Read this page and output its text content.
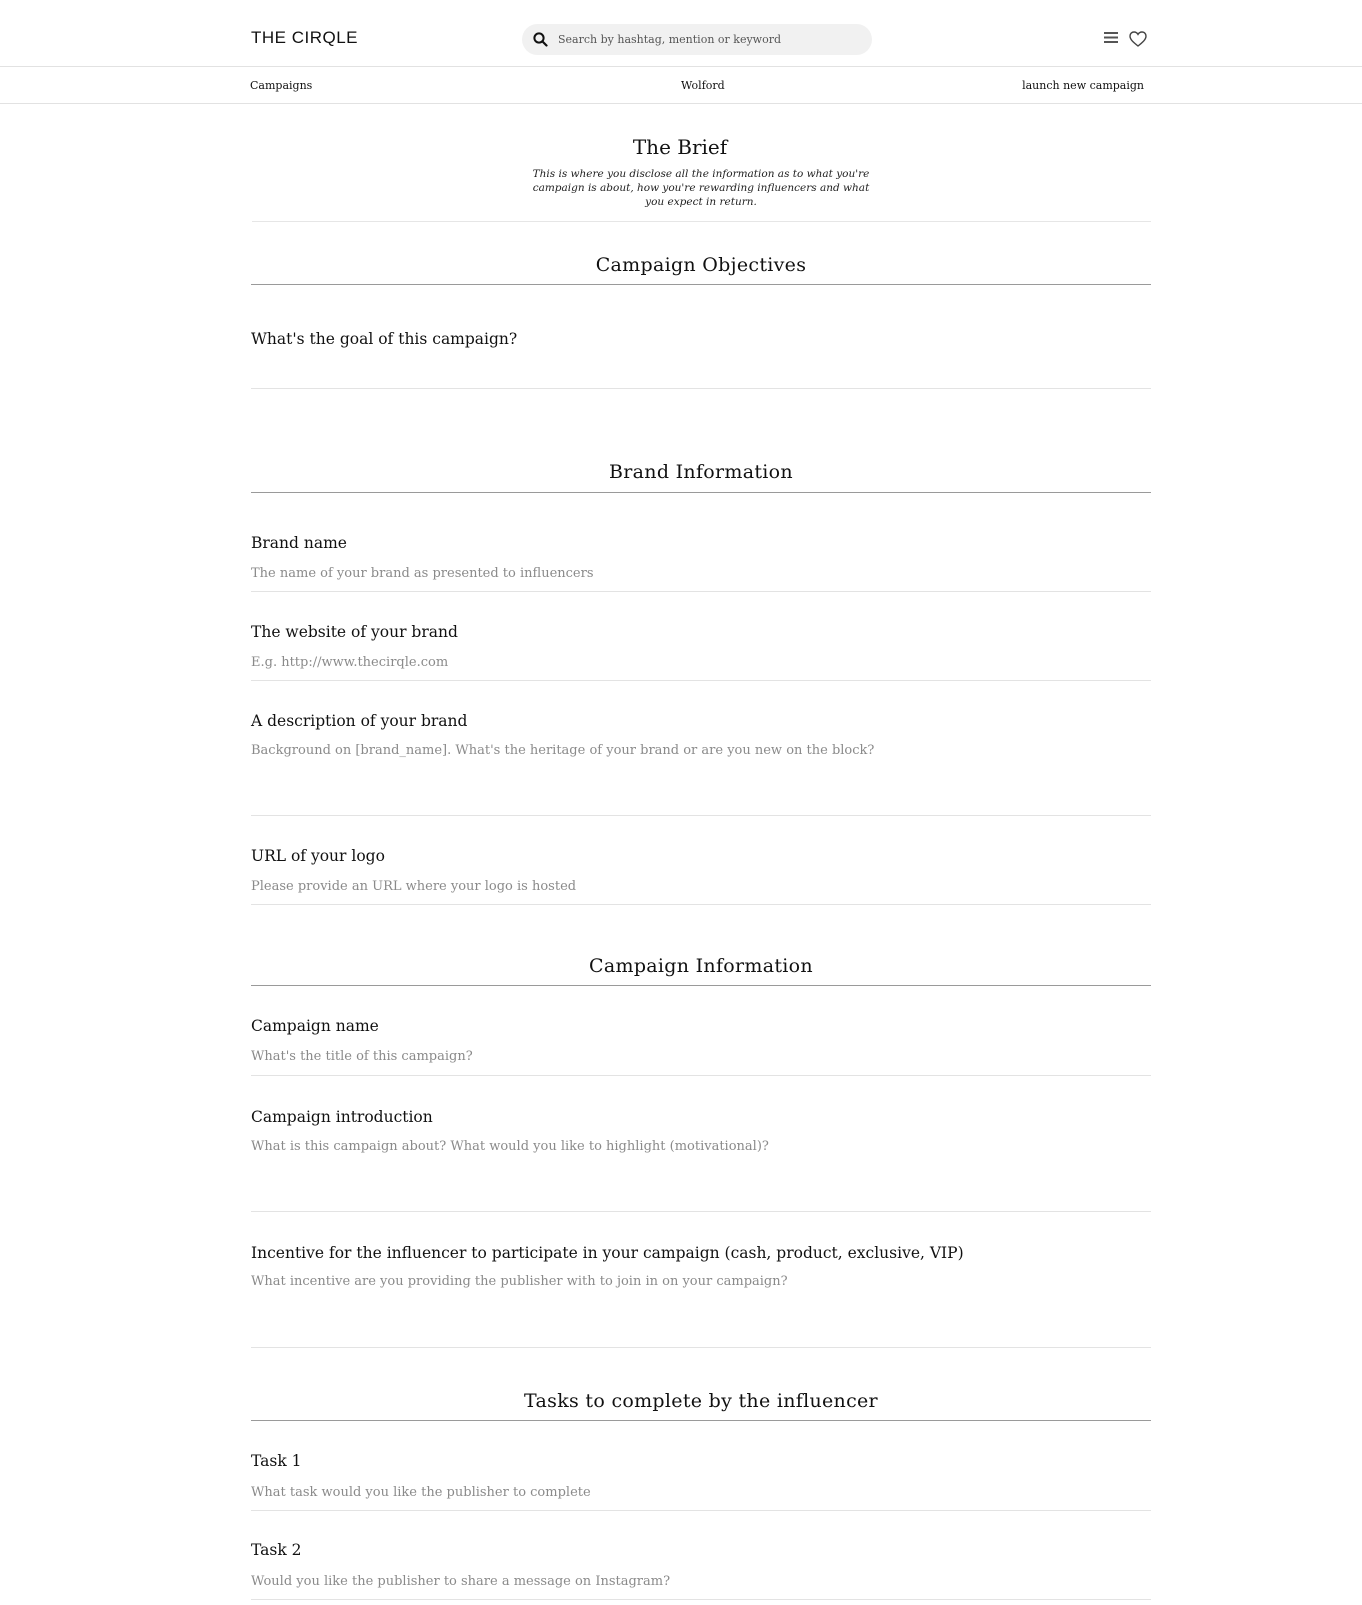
THE CIRQLE
Search by hashtag, mention or keyword
Campaigns	Wolford	launch new campaign
The Brief
This is where you disclose all the information as to what you're campaign is about, how you're rewarding influencers and what you expect in return.
Campaign Objectives
What's the goal of this campaign?
Brand Information
Brand name
The name of your brand as presented to influencers
The website of your brand
E.g. http://www.thecirqle.com
A description of your brand
Background on [brand_name]. What's the heritage of your brand or are you new on the block?
URL of your logo
Please provide an URL where your logo is hosted
Campaign Information
Campaign name
What's the title of this campaign?
Campaign introduction
What is this campaign about? What would you like to highlight (motivational)?
Incentive for the influencer to participate in your campaign (cash, product, exclusive, VIP)
What incentive are you providing the publisher with to join in on your campaign?
Tasks to complete by the influencer
Task 1
What task would you like the publisher to complete
Task 2
Would you like the publisher to share a message on Instagram?
